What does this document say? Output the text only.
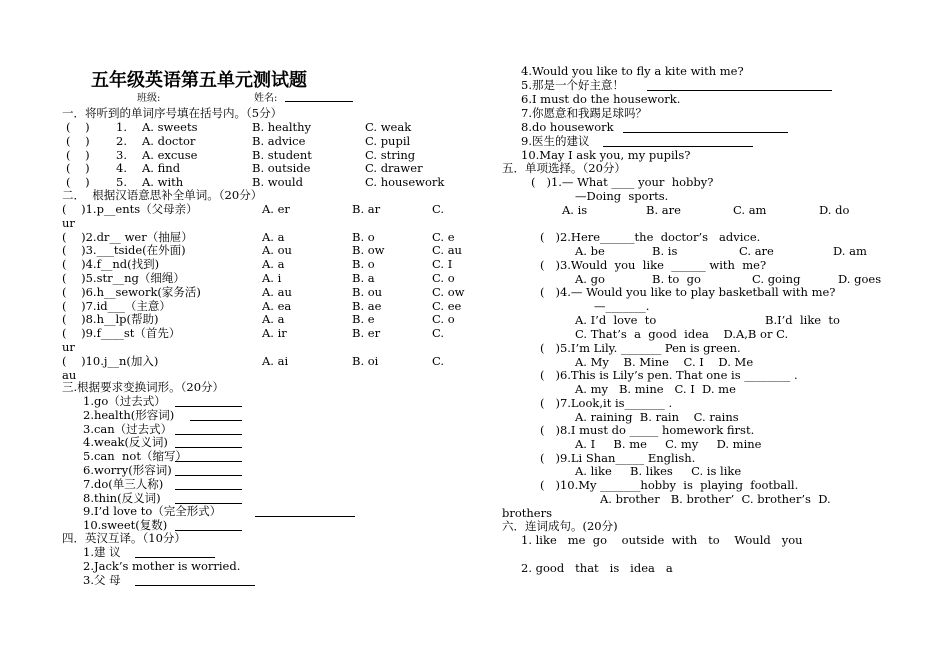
五年级英语第五单元测试题
班级:	姓名:
一．将听到的单词序号填在括号内。（5分）
(    ) 1. A. sweets	B. healthy	C. weak
(    ) 2. A. doctor	B. advice	C. pupil
(    ) 3. A. excuse	B. student	C. string
(    ) 4. A. find	B. outside	C. drawer
(    ) 5. A. with	B. would	C. housework
二．  根据汉语意思补全单词。（20分）
(    )1.p__ents（父母亲）	A. er	B. ar	C.
ur
(    )2.dr__ wer（抽屉）	A. a	B. o	C. e
(    )3.___tside(在外面)	A. ou	B. ow	C. au
(    )4.f__nd(找到)	A. a	B. o	C. I
(    )5.str__ng（细绳）	A. i	B. a	C. o
(    )6.h__sework(家务活)	A. au	B. ou	C. ow
(    )7.id___（主意）	A. ea	B. ae	C. ee
(    )8.h__lp(帮助)	A. a	B. e	C. o
(    )9.f____st（首先）	A. ir	B. er	C.
ur
(    )10.j__n(加入)	A. ai	B. oi	C.
au
三.根据要求变换词形。（20分）
1.go（过去式）
2.health(形容词)
3.can（过去式）
4.weak(反义词)
5.can  not（缩写）
6.worry(形容词)
7.do(单三人称)
8.thin(反义词)
9.I’d love to（完全形式）
10.sweet(复数)
四．英汉互译。（10分）
1.建 议
2.Jack’s mother is worried.
3.父 母
4.Would you like to fly a kite with me?
5.那是一个好主意！
6.I must do the housework.
7.你愿意和我踢足球吗？
8.do housework
9.医生的建议
10.May I ask you, my pupils?
五．单项选择。（20分）
(   )1.— What ____ your  hobby?
—Doing  sports.
A. is	B. are	C. am	D. do
(   )2.Here______the  doctor’s   advice.
A. be	B. is	C. are	D. am
(   )3.Would  you  like  ______ with  me?
A. go	B. to  go	C. going	D. goes
(   )4.— Would you like to play basketball with me?
—_______.
A. I’d  love  to	B.I’d  like  to
C. That’s  a  good  idea    D.A,B or C.
(   )5.I’m Lily. _______ Pen is green.
A. My    B. Mine    C. I    D. Me
(   )6.This is Lily’s pen. That one is ________ .
A. my   B. mine   C. I  D. me
(   )7.Look,it is_______ .
A. raining  B. rain    C. rains
(   )8.I must do _____ homework first.
A. I     B. me     C. my     D. mine
(   )9.Li Shan_____ English.
A. like     B. likes     C. is like
(   )10.My _______hobby  is  playing  football.
A. brother   B. brother’  C. brother’s  D.
brothers
六．连词成句。(20分)
1. like   me  go    outside  with   to    Would   you
2. good   that   is   idea   a
